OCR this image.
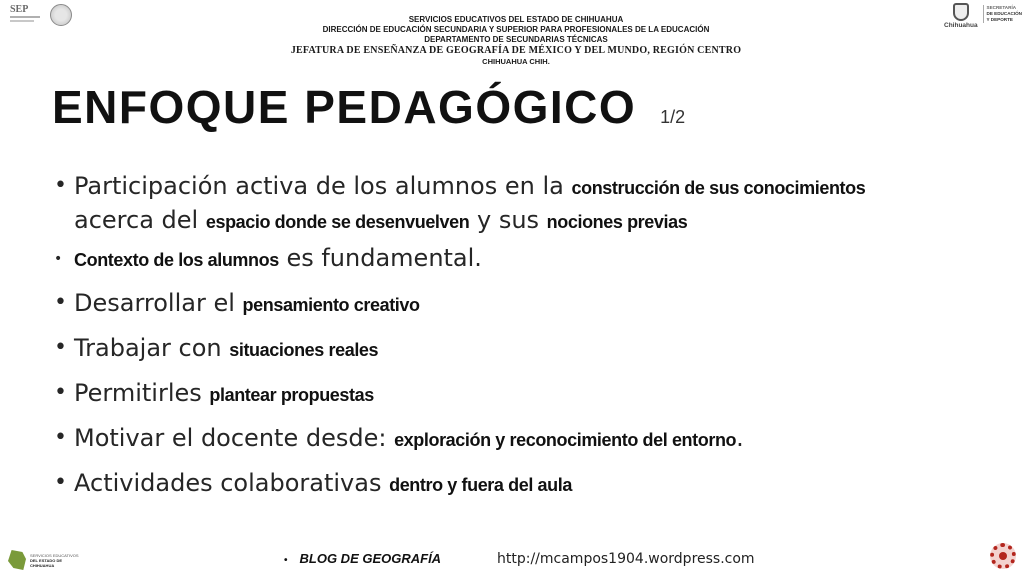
SEP
SERVICIOS EDUCATIVOS DEL ESTADO DE CHIHUAHUA
DIRECCIÓN DE EDUCACIÓN SECUNDARIA Y SUPERIOR PARA PROFESIONALES DE LA EDUCACIÓN
DEPARTAMENTO DE SECUNDARIAS TÉCNICAS
JEFATURA DE ENSEÑANZA DE GEOGRAFÍA DE MÉXICO Y DEL MUNDO, REGIÓN CENTRO
CHIHUAHUA CHIH.
Chihuahua
SECRETARÍA
DE EDUCACIÓN
Y DEPORTE
ENFOQUE PEDAGÓGICO 1/2
• Participación activa de los alumnos en la construcción de sus conocimientos
acerca del espacio donde se desenvuelven y sus nociones previas
• Contexto de los alumnos es fundamental.
• Desarrollar el pensamiento creativo
• Trabajar con situaciones reales
• Permitirles plantear propuestas
• Motivar el docente desde: exploración y reconocimiento del entorno.
• Actividades colaborativas dentro y fuera del aula
SERVICIOS EDUCATIVOS
DEL ESTADO DE
CHIHUAHUA	• BLOG DE GEOGRAFÍA	http://mcampos1904.wordpress.com
